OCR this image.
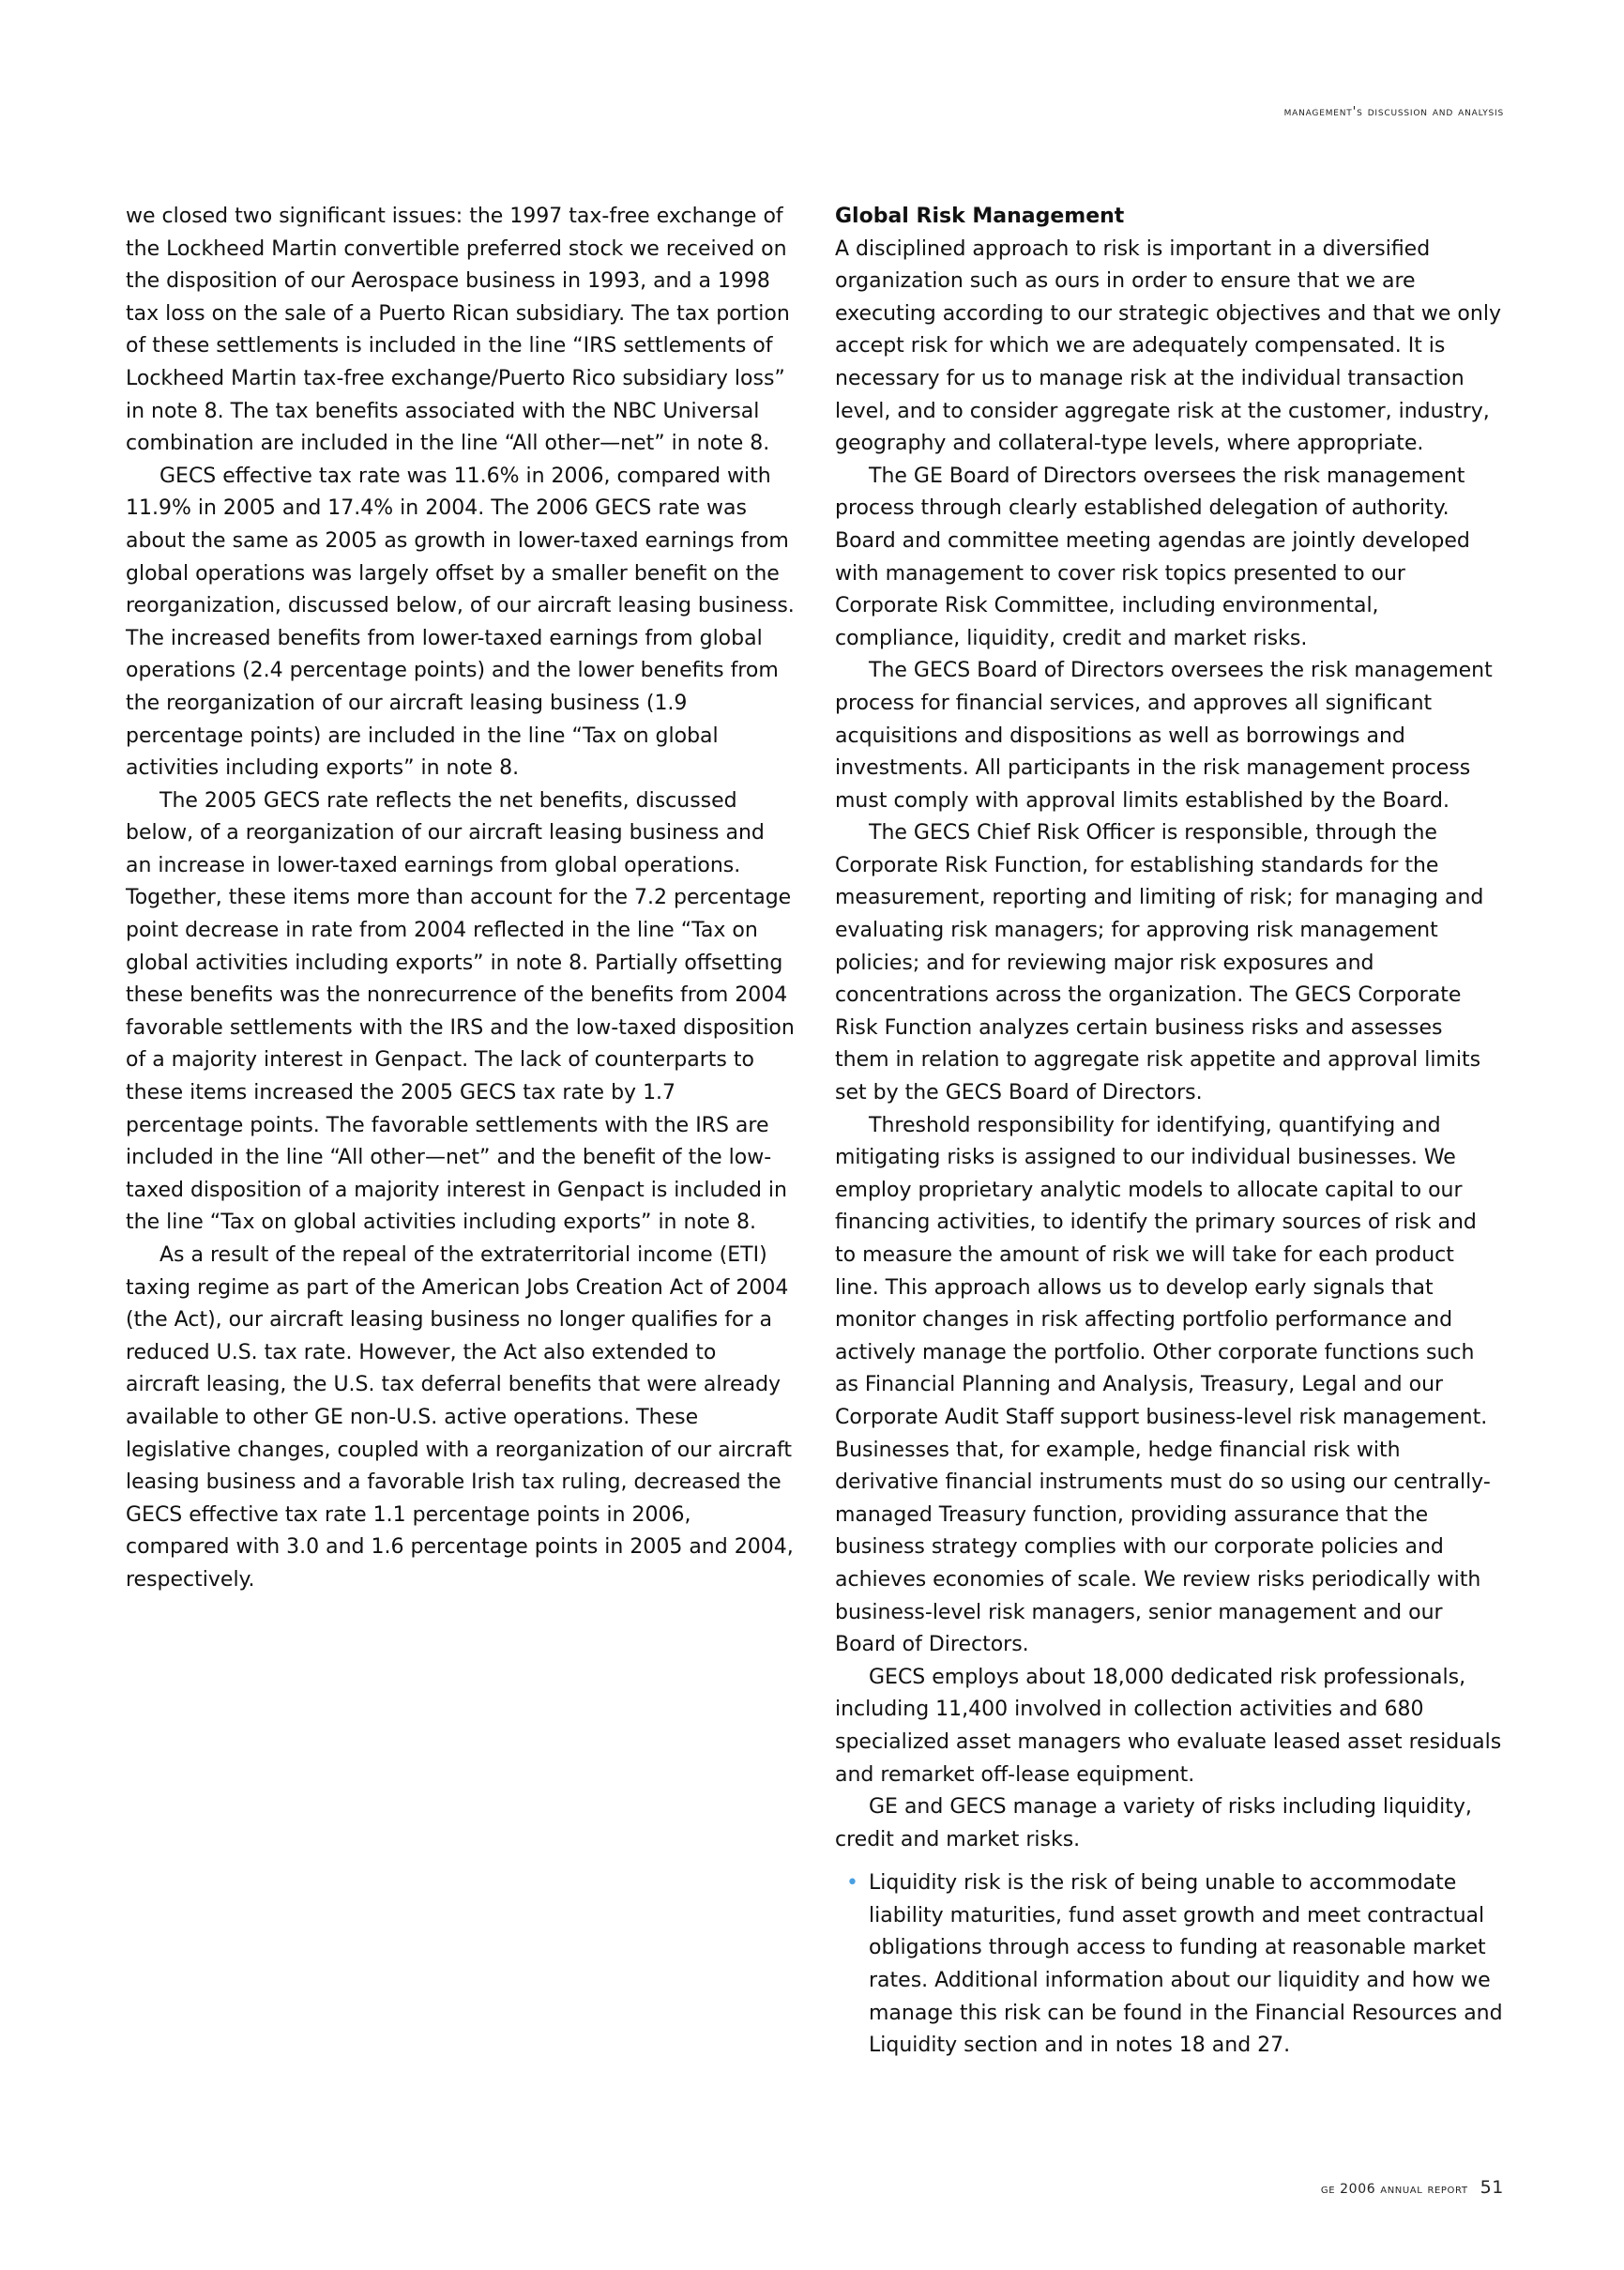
management's discussion and analysis

we closed two significant issues: the 1997 tax-free exchange of the Lockheed Martin convertible preferred stock we received on the disposition of our Aerospace business in 1993, and a 1998 tax loss on the sale of a Puerto Rican subsidiary. The tax portion of these settlements is included in the line “IRS settlements of Lockheed Martin tax-free exchange/Puerto Rico subsidiary loss” in note 8. The tax benefits associated with the NBC Universal combination are included in the line “All other—net” in note 8.

GECS effective tax rate was 11.6% in 2006, compared with 11.9% in 2005 and 17.4% in 2004. The 2006 GECS rate was about the same as 2005 as growth in lower-taxed earnings from global operations was largely offset by a smaller benefit on the reorganization, discussed below, of our aircraft leasing business. The increased benefits from lower-taxed earnings from global operations (2.4 percentage points) and the lower benefits from the reorganization of our aircraft leasing business (1.9 percentage points) are included in the line “Tax on global activities including exports” in note 8.

The 2005 GECS rate reflects the net benefits, discussed below, of a reorganization of our aircraft leasing business and an increase in lower-taxed earnings from global operations. Together, these items more than account for the 7.2 percentage point decrease in rate from 2004 reflected in the line “Tax on global activities including exports” in note 8. Partially offsetting these benefits was the nonrecurrence of the benefits from 2004 favorable settlements with the IRS and the low-taxed disposition of a majority interest in Genpact. The lack of counterparts to these items increased the 2005 GECS tax rate by 1.7 percentage points. The favorable settlements with the IRS are included in the line “All other—net” and the benefit of the low-taxed disposition of a majority interest in Genpact is included in the line “Tax on global activities including exports” in note 8.

As a result of the repeal of the extraterritorial income (ETI) taxing regime as part of the American Jobs Creation Act of 2004 (the Act), our aircraft leasing business no longer qualifies for a reduced U.S. tax rate. However, the Act also extended to aircraft leasing, the U.S. tax deferral benefits that were already available to other GE non-U.S. active operations. These legislative changes, coupled with a reorganization of our aircraft leasing business and a favorable Irish tax ruling, decreased the GECS effective tax rate 1.1 percentage points in 2006, compared with 3.0 and 1.6 percentage points in 2005 and 2004, respectively.

Global Risk Management

A disciplined approach to risk is important in a diversified organization such as ours in order to ensure that we are executing according to our strategic objectives and that we only accept risk for which we are adequately compensated. It is necessary for us to manage risk at the individual transaction level, and to consider aggregate risk at the customer, industry, geography and collateral-type levels, where appropriate.

The GE Board of Directors oversees the risk management process through clearly established delegation of authority. Board and committee meeting agendas are jointly developed with management to cover risk topics presented to our Corporate Risk Committee, including environmental, compliance, liquidity, credit and market risks.

The GECS Board of Directors oversees the risk management process for financial services, and approves all significant acquisitions and dispositions as well as borrowings and investments. All participants in the risk management process must comply with approval limits established by the Board.

The GECS Chief Risk Officer is responsible, through the Corporate Risk Function, for establishing standards for the measurement, reporting and limiting of risk; for managing and evaluating risk managers; for approving risk management policies; and for reviewing major risk exposures and concentrations across the organization. The GECS Corporate Risk Function analyzes certain business risks and assesses them in relation to aggregate risk appetite and approval limits set by the GECS Board of Directors.

Threshold responsibility for identifying, quantifying and mitigating risks is assigned to our individual businesses. We employ proprietary analytic models to allocate capital to our financing activities, to identify the primary sources of risk and to measure the amount of risk we will take for each product line. This approach allows us to develop early signals that monitor changes in risk affecting portfolio performance and actively manage the portfolio. Other corporate functions such as Financial Planning and Analysis, Treasury, Legal and our Corporate Audit Staff support business-level risk management. Businesses that, for example, hedge financial risk with derivative financial instruments must do so using our centrally-managed Treasury function, providing assurance that the business strategy complies with our corporate policies and achieves economies of scale. We review risks periodically with business-level risk managers, senior management and our Board of Directors.

GECS employs about 18,000 dedicated risk professionals, including 11,400 involved in collection activities and 680 specialized asset managers who evaluate leased asset residuals and remarket off-lease equipment.

GE and GECS manage a variety of risks including liquidity, credit and market risks.

• Liquidity risk is the risk of being unable to accommodate liability maturities, fund asset growth and meet contractual obligations through access to funding at reasonable market rates. Additional information about our liquidity and how we manage this risk can be found in the Financial Resources and Liquidity section and in notes 18 and 27.
ge 2006 annual report 51
